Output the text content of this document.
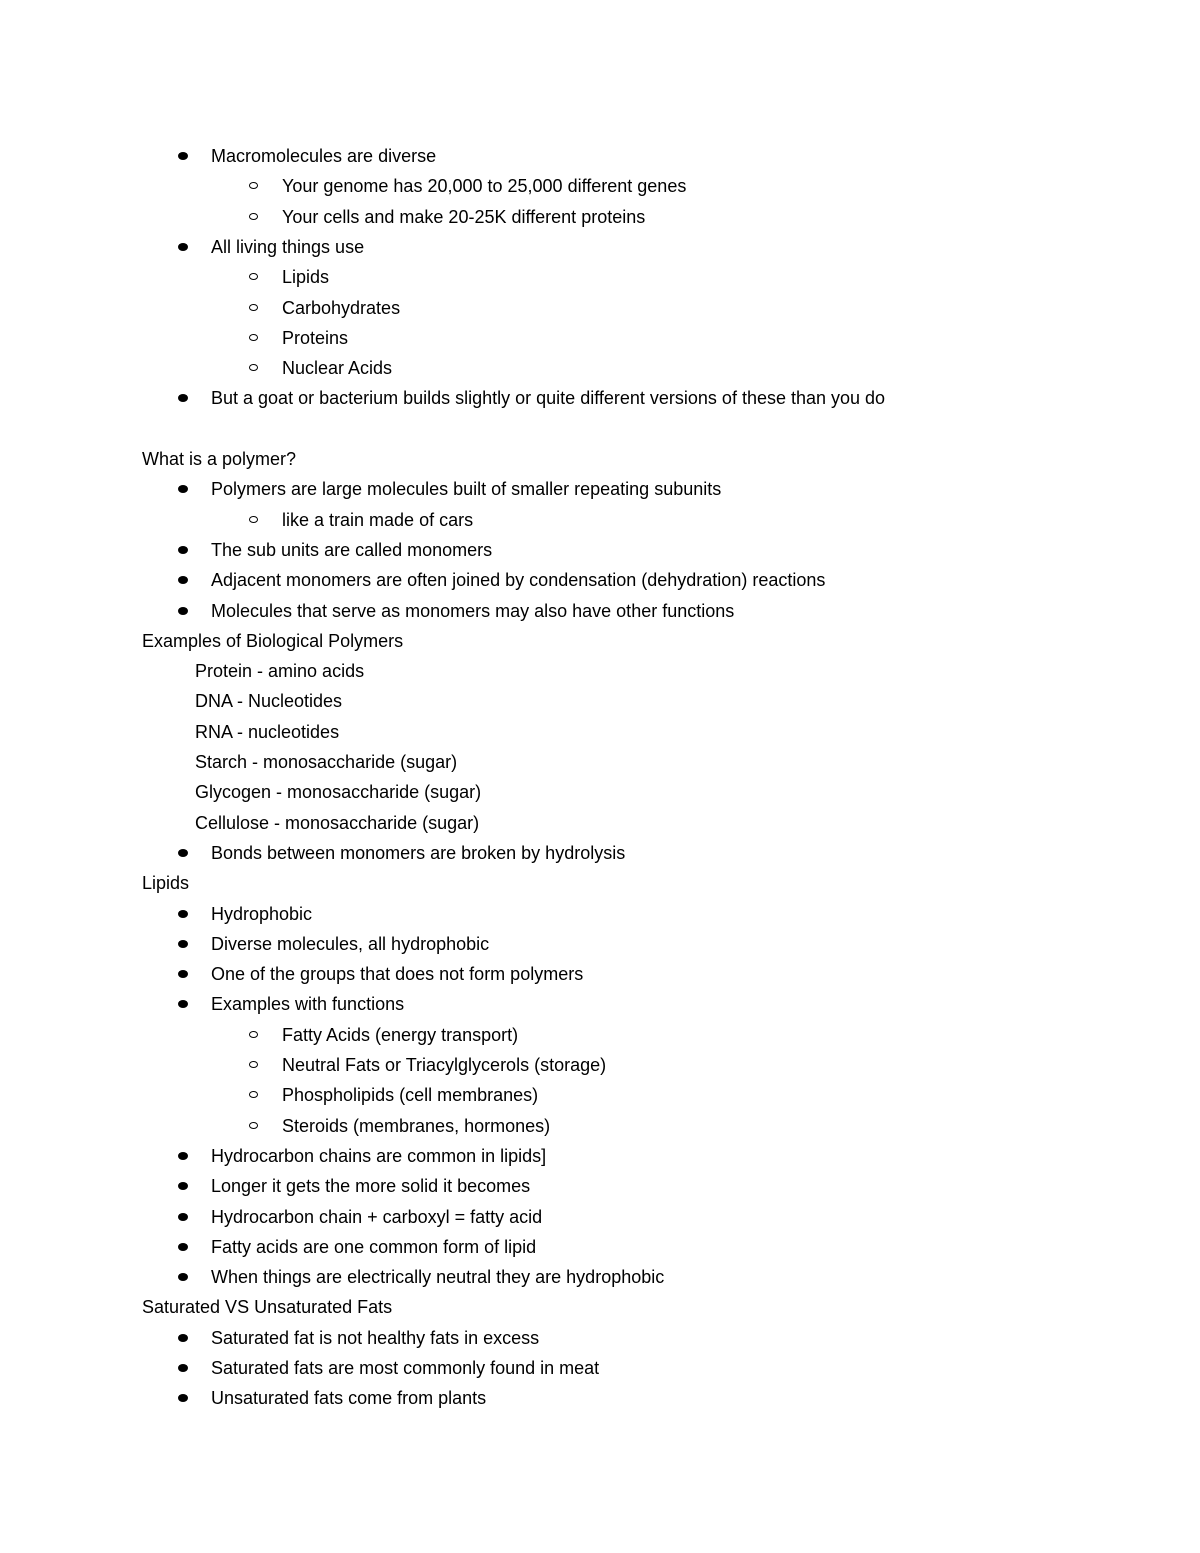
Macromolecules are diverse
Your genome has 20,000 to 25,000 different genes
Your cells and make 20-25K different proteins
All living things use
Lipids
Carbohydrates
Proteins
Nuclear Acids
But a goat or bacterium builds slightly or quite different versions of these than you do
What is a polymer?
Polymers are large molecules built of smaller repeating subunits
like a train made of cars
The sub units are called monomers
Adjacent monomers are often joined by condensation (dehydration) reactions
Molecules that serve as monomers may also have other functions
Examples of Biological Polymers
Protein - amino acids
DNA - Nucleotides
RNA - nucleotides
Starch - monosaccharide (sugar)
Glycogen - monosaccharide (sugar)
Cellulose - monosaccharide (sugar)
Bonds between monomers are broken by hydrolysis
Lipids
Hydrophobic
Diverse molecules, all hydrophobic
One of the groups that does not form polymers
Examples with functions
Fatty Acids (energy transport)
Neutral Fats or Triacylglycerols (storage)
Phospholipids (cell membranes)
Steroids (membranes, hormones)
Hydrocarbon chains are common in lipids]
Longer it gets the more solid it becomes
Hydrocarbon chain + carboxyl = fatty acid
Fatty acids are one common form of lipid
When things are electrically neutral they are hydrophobic
Saturated VS Unsaturated Fats
Saturated fat is not healthy fats in excess
Saturated fats are most commonly found in meat
Unsaturated fats come from plants
